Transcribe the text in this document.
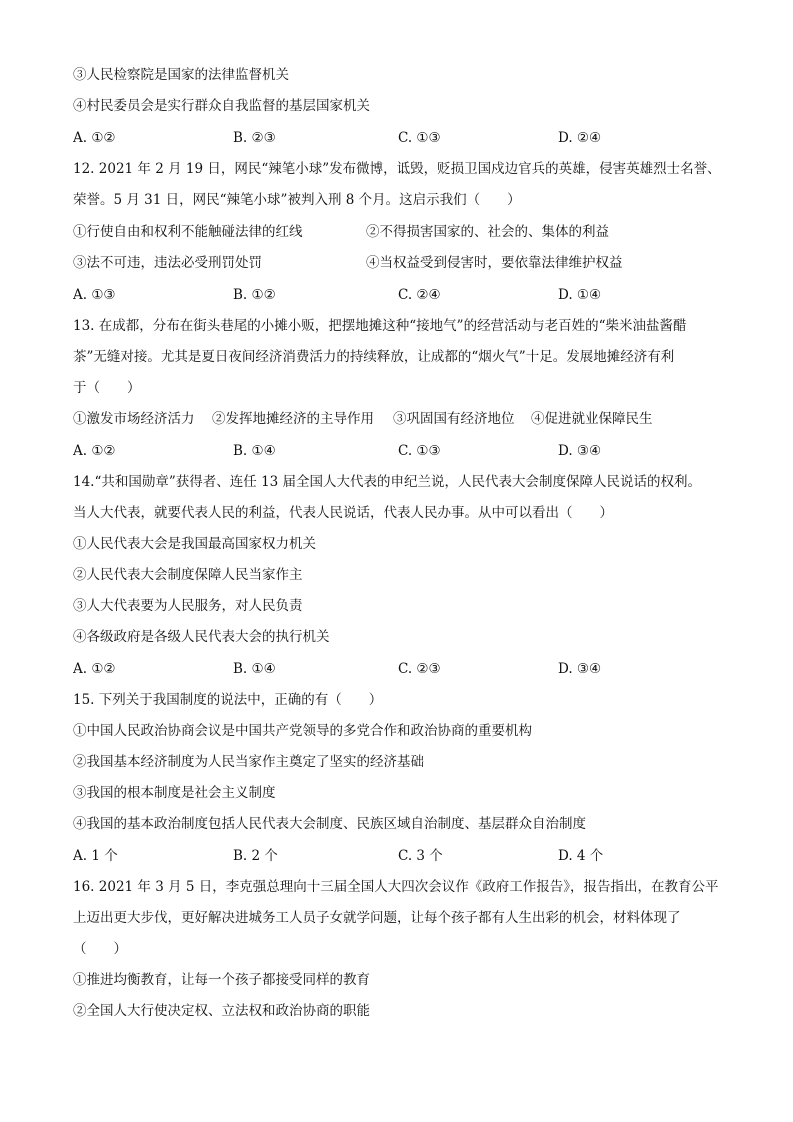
③人民检察院是国家的法律监督机关
④村民委员会是实行群众自我监督的基层国家机关
A. ①②	B. ②③	C. ①③	D. ②④
12. 2021 年 2 月 19 日，网民“辣笔小球”发布微博，诋毁，贬损卫国戍边官兵的英雄，侵害英雄烈士名誉、
荣誉。5 月 31 日，网民“辣笔小球”被判入刑 8 个月。这启示我们（　　）
①行使自由和权利不能触碰法律的红线	②不得损害国家的、社会的、集体的利益
③法不可违，违法必受刑罚处罚	④当权益受到侵害时，要依靠法律维护权益
A. ①③	B. ①②	C. ②④	D. ①④
13. 在成都，分布在街头巷尾的小摊小贩，把摆地摊这种“接地气”的经营活动与老百姓的“柴米油盐酱醋
茶”无缝对接。尤其是夏日夜间经济消费活力的持续释放，让成都的“烟火气”十足。发展地摊经济有利
于（　　）
①激发市场经济活力 ②发挥地摊经济的主导作用 ③巩固国有经济地位 ④促进就业保障民生
A. ①②	B. ①④	C. ①③	D. ③④
14.“共和国勋章”获得者、连任 13 届全国人大代表的申纪兰说，人民代表大会制度保障人民说话的权利。
当人大代表，就要代表人民的利益，代表人民说话，代表人民办事。从中可以看出（　　）
①人民代表大会是我国最高国家权力机关
②人民代表大会制度保障人民当家作主
③人大代表要为人民服务，对人民负责
④各级政府是各级人民代表大会的执行机关
A. ①②	B. ①④	C. ②③	D. ③④
15. 下列关于我国制度的说法中，正确的有（　　）
①中国人民政治协商会议是中国共产党领导的多党合作和政治协商的重要机构
②我国基本经济制度为人民当家作主奠定了坚实的经济基础
③我国的根本制度是社会主义制度
④我国的基本政治制度包括人民代表大会制度、民族区域自治制度、基层群众自治制度
A. 1 个	B. 2 个	C. 3 个	D. 4 个
16. 2021 年 3 月 5 日，李克强总理向十三届全国人大四次会议作《政府工作报告》，报告指出，在教育公平
上迈出更大步伐，更好解决进城务工人员子女就学问题，让每个孩子都有人生出彩的机会，材料体现了
（　　）
①推进均衡教育，让每一个孩子都接受同样的教育
②全国人大行使决定权、立法权和政治协商的职能
